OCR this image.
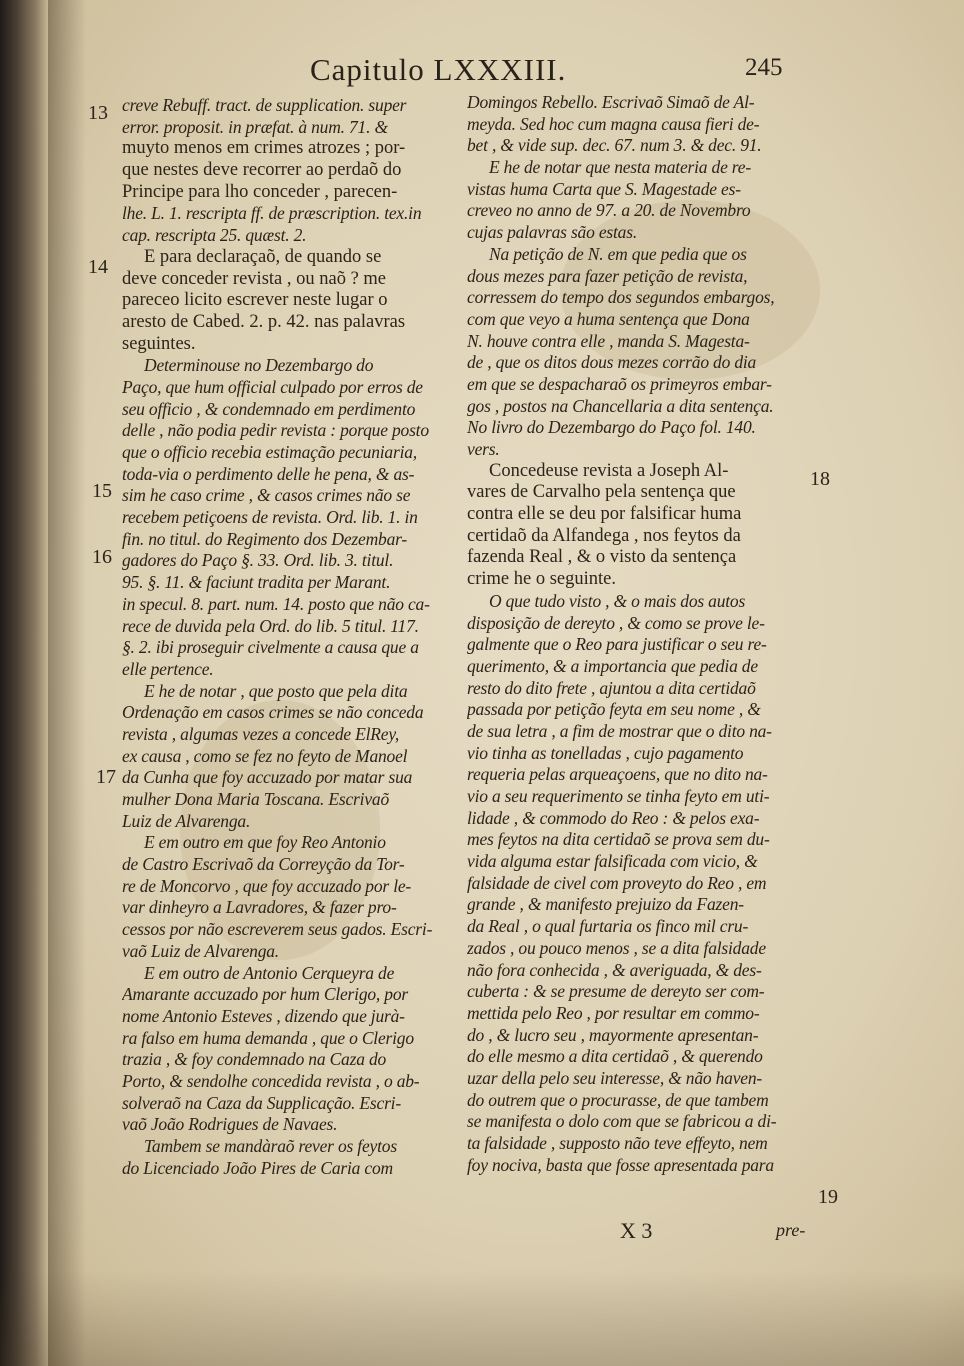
Capitulo LXXXIII.	245
13
14
15
16
17
18
19
creve Rebuff. tract. de supplication. super
error. proposit. in præfat. à num. 71. &
muyto menos em crimes atrozes ; por-
que nestes deve recorrer ao perdaõ do
Principe para lho conceder , parecen-
lhe. L. 1. rescripta ff. de præscription. tex.in
cap. rescripta 25. quæst. 2.
E para declaraçaõ, de quando se
deve conceder revista , ou naõ ? me
pareceo licito escrever neste lugar o
aresto de Cabed. 2. p. 42. nas palavras
seguintes.
Determinouse no Dezembargo do
Paço, que hum official culpado por erros de
seu officio , & condemnado em perdimento
delle , não podia pedir revista : porque posto
que o officio recebia estimação pecuniaria,
toda-via o perdimento delle he pena, & as-
sim he caso crime , & casos crimes não se
recebem petiçoens de revista. Ord. lib. 1. in
fin. no titul. do Regimento dos Dezembar-
gadores do Paço §. 33. Ord. lib. 3. titul.
95. §. 11. & faciunt tradita per Marant.
in specul. 8. part. num. 14. posto que não ca-
rece de duvida pela Ord. do lib. 5 titul. 117.
§. 2. ibi proseguir civelmente a causa que a
elle pertence.
E he de notar , que posto que pela dita
Ordenação em casos crimes se não conceda
revista , algumas vezes a concede ElRey,
ex causa , como se fez no feyto de Manoel
da Cunha que foy accuzado por matar sua
mulher Dona Maria Toscana. Escrivaõ
Luiz de Alvarenga.
E em outro em que foy Reo Antonio
de Castro Escrivaõ da Correyção da Tor-
re de Moncorvo , que foy accuzado por le-
var dinheyro a Lavradores, & fazer pro-
cessos por não escreverem seus gados. Escri-
vaõ Luiz de Alvarenga.
E em outro de Antonio Cerqueyra de
Amarante accuzado por hum Clerigo, por
nome Antonio Esteves , dizendo que jurà-
ra falso em huma demanda , que o Clerigo
trazia , & foy condemnado na Caza do
Porto, & sendolhe concedida revista , o ab-
solveraõ na Caza da Supplicação. Escri-
vaõ João Rodrigues de Navaes.
Tambem se mandàraõ rever os feytos
do Licenciado João Pires de Caria com
Domingos Rebello. Escrivaõ Simaõ de Al-
meyda. Sed hoc cum magna causa fieri de-
bet , & vide sup. dec. 67. num 3. & dec. 91.
E he de notar que nesta materia de re-
vistas huma Carta que S. Magestade es-
creveo no anno de 97. a 20. de Novembro
cujas palavras são estas.
Na petição de N. em que pedia que os
dous mezes para fazer petição de revista,
corressem do tempo dos segundos embargos,
com que veyo a huma sentença que Dona
N. houve contra elle , manda S. Magesta-
de , que os ditos dous mezes corrão do dia
em que se despacharaõ os primeyros embar-
gos , postos na Chancellaria a dita sentença.
No livro do Dezembargo do Paço fol. 140.
vers.
Concedeuse revista a Joseph Al-
vares de Carvalho pela sentença que
contra elle se deu por falsificar huma
certidaõ da Alfandega , nos feytos da
fazenda Real , & o visto da sentença
crime he o seguinte.
O que tudo visto , & o mais dos autos
disposição de dereyto , & como se prove le-
galmente que o Reo para justificar o seu re-
querimento, & a importancia que pedia de
resto do dito frete , ajuntou a dita certidaõ
passada por petição feyta em seu nome , &
de sua letra , a fim de mostrar que o dito na-
vio tinha as tonelladas , cujo pagamento
requeria pelas arqueaçoens, que no dito na-
vio a seu requerimento se tinha feyto em uti-
lidade , & commodo do Reo : & pelos exa-
mes feytos na dita certidaõ se prova sem du-
vida alguma estar falsificada com vicio, &
falsidade de civel com proveyto do Reo , em
grande , & manifesto prejuizo da Fazen-
da Real , o qual furtaria os finco mil cru-
zados , ou pouco menos , se a dita falsidade
não fora conhecida , & averiguada, & des-
cuberta : & se presume de dereyto ser com-
mettida pelo Reo , por resultar em commo-
do , & lucro seu , mayormente apresentan-
do elle mesmo a dita certidaõ , & querendo
uzar della pelo seu interesse, & não haven-
do outrem que o procurasse, de que tambem
se manifesta o dolo com que se fabricou a di-
ta falsidade , supposto não teve effeyto, nem
foy nociva, basta que fosse apresentada para
X 3	pre-
